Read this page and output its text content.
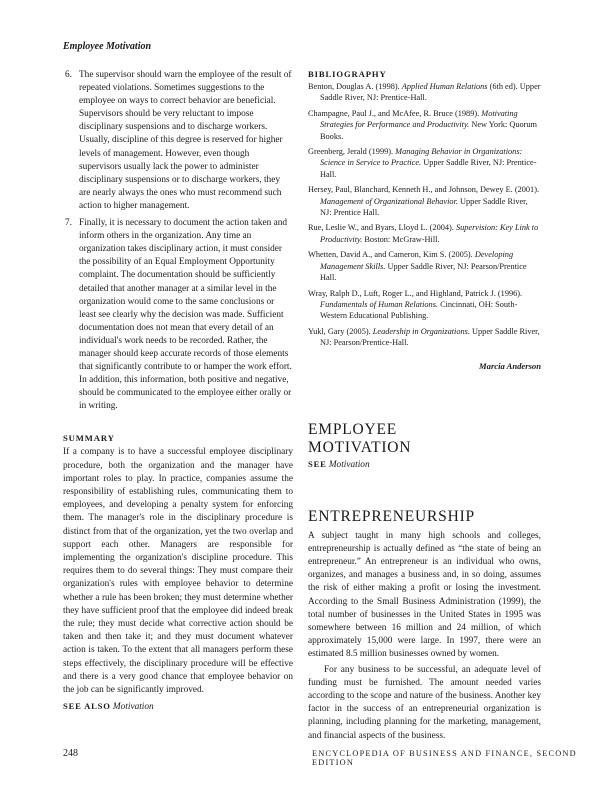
Employee Motivation
6. The supervisor should warn the employee of the result of repeated violations. Sometimes suggestions to the employee on ways to correct behavior are beneficial. Supervisors should be very reluctant to impose disciplinary suspensions and to discharge workers. Usually, discipline of this degree is reserved for higher levels of management. However, even though supervisors usually lack the power to administer disciplinary suspensions or to discharge workers, they are nearly always the ones who must recommend such action to higher management.
7. Finally, it is necessary to document the action taken and inform others in the organization. Any time an organization takes disciplinary action, it must consider the possibility of an Equal Employment Opportunity complaint. The documentation should be sufficiently detailed that another manager at a similar level in the organization would come to the same conclusions or least see clearly why the decision was made. Sufficient documentation does not mean that every detail of an individual's work needs to be recorded. Rather, the manager should keep accurate records of those elements that significantly contribute to or hamper the work effort. In addition, this information, both positive and negative, should be communicated to the employee either orally or in writing.
SUMMARY

If a company is to have a successful employee disciplinary procedure, both the organization and the manager have important roles to play. In practice, companies assume the responsibility of establishing rules, communicating them to employees, and developing a penalty system for enforcing them. The manager's role in the disciplinary procedure is distinct from that of the organization, yet the two overlap and support each other. Managers are responsible for implementing the organization's discipline procedure. This requires them to do several things: They must compare their organization's rules with employee behavior to determine whether a rule has been broken; they must determine whether they have sufficient proof that the employee did indeed break the rule; they must decide what corrective action should be taken and then take it; and they must document whatever action is taken. To the extent that all managers perform these steps effectively, the disciplinary procedure will be effective and there is a very good chance that employee behavior on the job can be significantly improved.

SEE ALSO Motivation
BIBLIOGRAPHY

Benton, Douglas A. (1998). Applied Human Relations (6th ed). Upper Saddle River, NJ: Prentice-Hall.

Champagne, Paul J., and McAfee, R. Bruce (1989). Motivating Strategies for Performance and Productivity. New York: Quorum Books.

Greenberg, Jerald (1999). Managing Behavior in Organizations: Science in Service to Practice. Upper Saddle River, NJ: Prentice-Hall.

Hersey, Paul, Blanchard, Kenneth H., and Johnson, Dewey E. (2001). Management of Organizational Behavior. Upper Saddle River, NJ: Prentice Hall.

Rue, Leslie W., and Byars, Lloyd L. (2004). Supervision: Key Link to Productivity. Boston: McGraw-Hill.

Whetten, David A., and Cameron, Kim S. (2005). Developing Management Skills. Upper Saddle River, NJ: Pearson/Prentice Hall.

Wray, Ralph D., Luft, Roger L., and Highland, Patrick J. (1996). Fundamentals of Human Relations. Cincinnati, OH: South-Western Educational Publishing.

Yukl, Gary (2005). Leadership in Organizations. Upper Saddle River, NJ: Pearson/Prentice-Hall.

Marcia Anderson
EMPLOYEE MOTIVATION
SEE Motivation
ENTREPRENEURSHIP

A subject taught in many high schools and colleges, entrepreneurship is actually defined as “the state of being an entrepreneur.” An entrepreneur is an individual who owns, organizes, and manages a business and, in so doing, assumes the risk of either making a profit or losing the investment. According to the Small Business Administration (1999), the total number of businesses in the United States in 1995 was somewhere between 16 million and 24 million, of which approximately 15,000 were large. In 1997, there were an estimated 8.5 million businesses owned by women.

For any business to be successful, an adequate level of funding must be furnished. The amount needed varies according to the scope and nature of the business. Another key factor in the success of an entrepreneurial organization is planning, including planning for the marketing, management, and financial aspects of the business.

248	ENCYCLOPEDIA OF BUSINESS AND FINANCE, SECOND EDITION
